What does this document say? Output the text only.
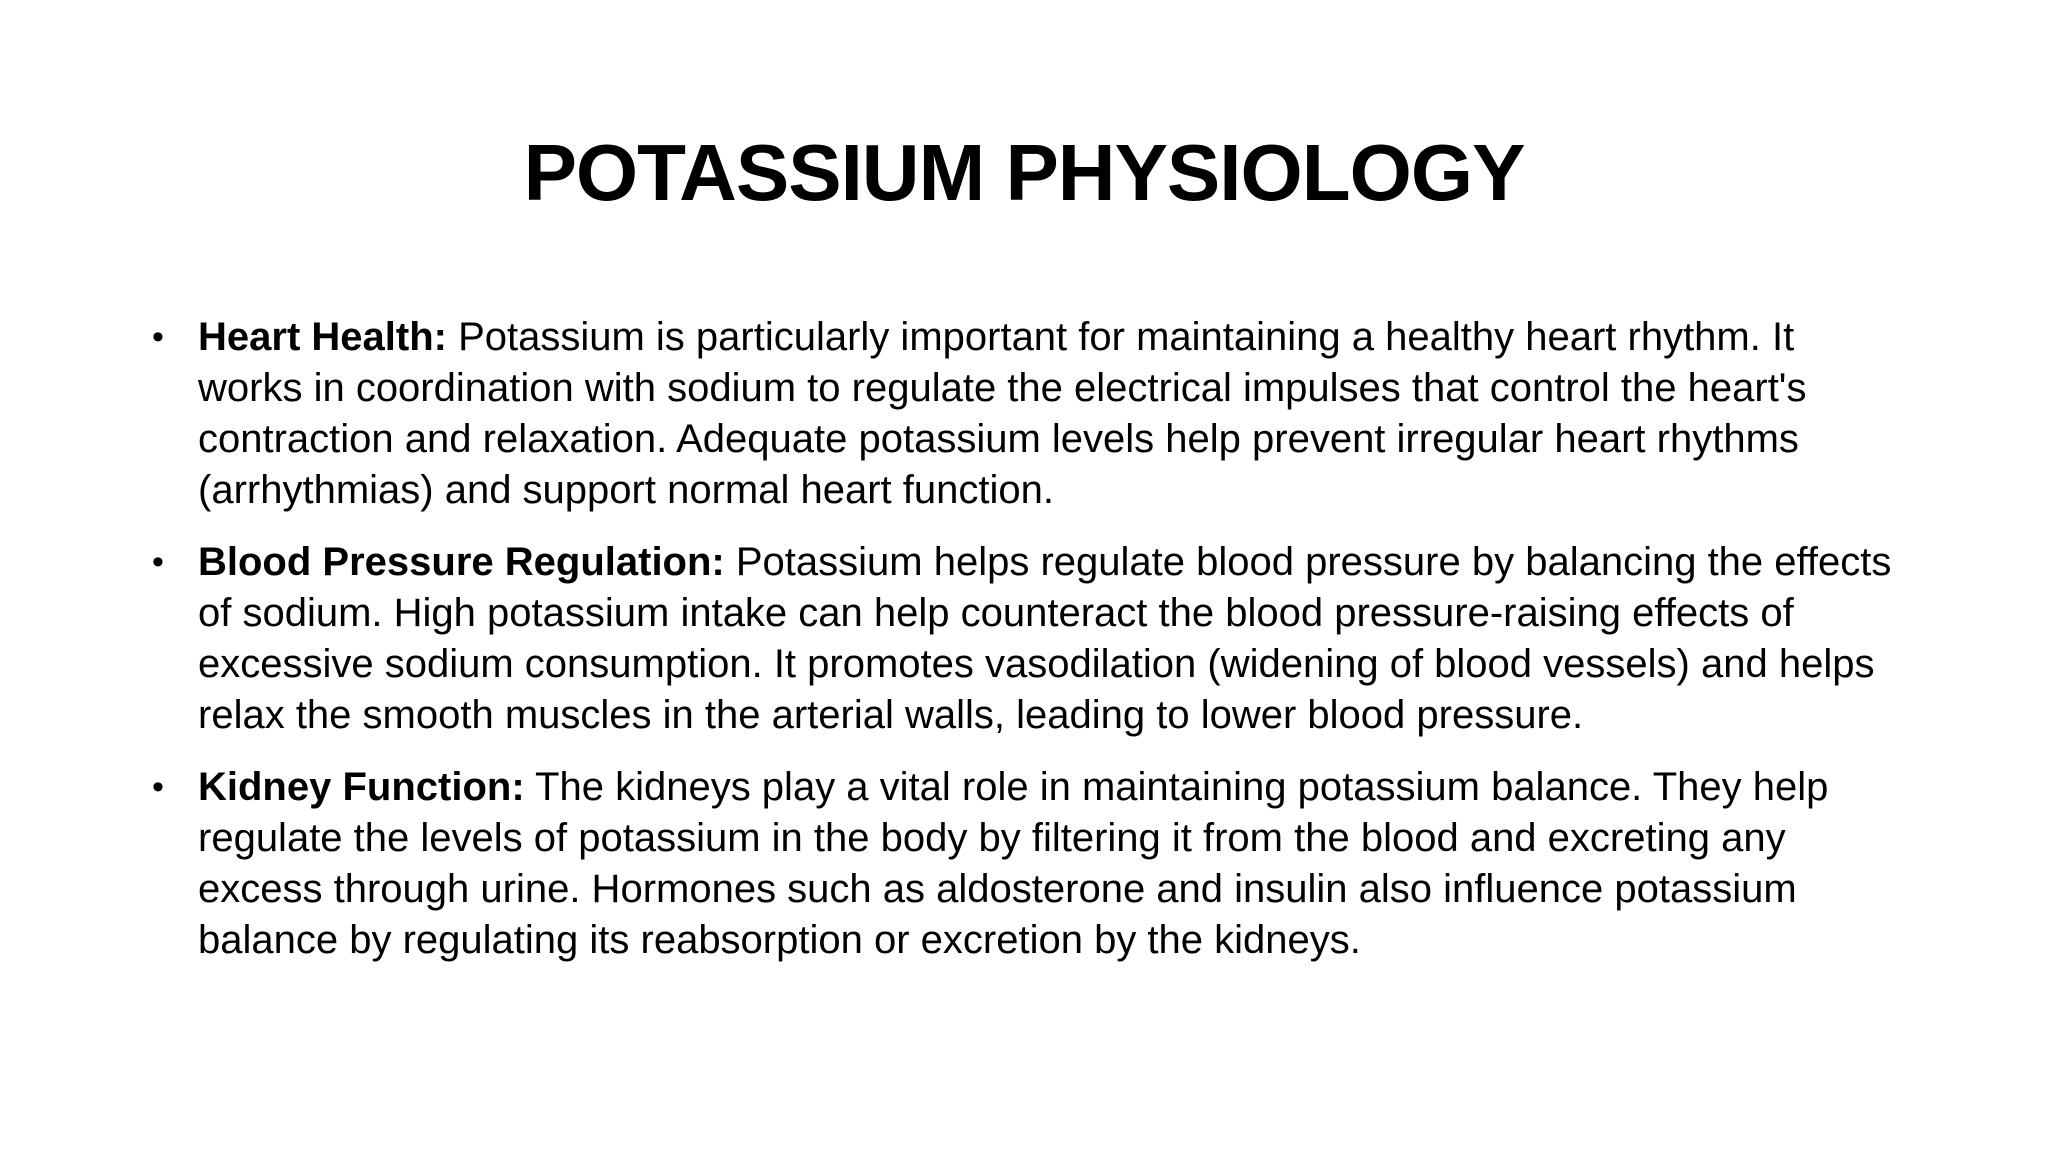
POTASSIUM PHYSIOLOGY
• Heart Health: Potassium is particularly important for maintaining a healthy heart rhythm. It works in coordination with sodium to regulate the electrical impulses that control the heart's contraction and relaxation. Adequate potassium levels help prevent irregular heart rhythms (arrhythmias) and support normal heart function.
• Blood Pressure Regulation: Potassium helps regulate blood pressure by balancing the effects of sodium. High potassium intake can help counteract the blood pressure-raising effects of excessive sodium consumption. It promotes vasodilation (widening of blood vessels) and helps relax the smooth muscles in the arterial walls, leading to lower blood pressure.
• Kidney Function: The kidneys play a vital role in maintaining potassium balance. They help regulate the levels of potassium in the body by filtering it from the blood and excreting any excess through urine. Hormones such as aldosterone and insulin also influence potassium balance by regulating its reabsorption or excretion by the kidneys.
